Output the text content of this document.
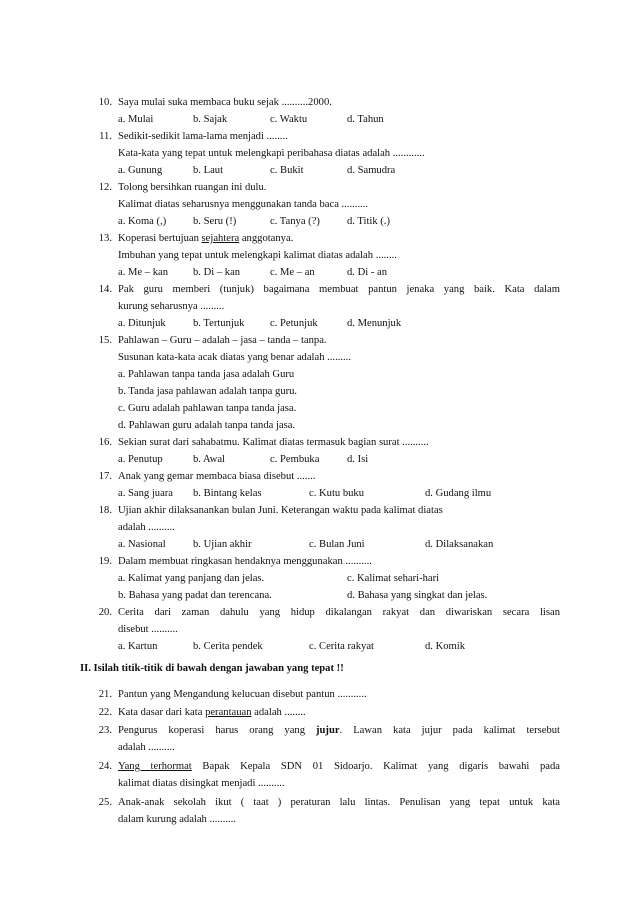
10. Saya mulai suka membaca buku sejak ..........2000.
a. Mulai	b. Sajak	c. Waktu	d. Tahun
11. Sedikit-sedikit lama-lama menjadi ........
Kata-kata yang tepat untuk melengkapi peribahasa diatas adalah ............
a. Gunung	b. Laut	c. Bukit	d. Samudra
12. Tolong bersihkan ruangan ini dulu.
Kalimat diatas seharusnya menggunakan tanda baca ..........
a. Koma (,)	b. Seru (!)	c. Tanya (?)	d. Titik (.)
13. Koperasi bertujuan sejahtera anggotanya.
Imbuhan yang tepat untuk melengkapi kalimat diatas adalah ........
a. Me – kan b. Di – kan	c. Me – an	d. Di - an
14. Pak guru memberi (tunjuk) bagaimana membuat pantun jenaka yang baik. Kata dalam
kurung seharusnya .........
a. Ditunjuk	b. Tertunjuk c. Petunjuk	d. Menunjuk
15. Pahlawan – Guru – adalah – jasa – tanda – tanpa.
Susunan kata-kata acak diatas yang benar adalah .........
a. Pahlawan tanpa tanda jasa adalah Guru
b. Tanda jasa pahlawan adalah tanpa guru.
c. Guru adalah pahlawan tanpa tanda jasa.
d. Pahlawan guru adalah tanpa tanda jasa.
16. Sekian surat dari sahabatmu. Kalimat diatas termasuk bagian surat ..........
a. Penutup	b. Awal	c. Pembuka	d. Isi
17. Anak yang gemar membaca biasa disebut .......
a. Sang juara b. Bintang kelas	c. Kutu buku	d. Gudang ilmu
18. Ujian akhir dilaksanankan bulan Juni. Keterangan waktu pada kalimat diatas
adalah ..........
a. Nasional	b. Ujian akhir	c. Bulan Juni	d. Dilaksanakan
19. Dalam membuat ringkasan hendaknya menggunakan ..........
a. Kalimat yang panjang dan jelas.	c. Kalimat sehari-hari
b. Bahasa yang padat dan terencana.	d. Bahasa yang singkat dan jelas.
20. Cerita dari zaman dahulu yang hidup dikalangan rakyat dan diwariskan secara lisan
disebut ..........
a. Kartun	b. Cerita pendek	c. Cerita rakyat	d. Komik
II. Isilah titik-titik di bawah dengan jawaban yang tepat !!
21. Pantun yang Mengandung kelucuan disebut pantun ...........
22. Kata dasar dari kata perantauan adalah ........
23. Pengurus koperasi harus orang yang jujur. Lawan kata jujur pada kalimat tersebut
adalah ..........
24. Yang terhormat Bapak Kepala SDN 01 Sidoarjo. Kalimat yang digaris bawahi pada
kalimat diatas disingkat menjadi ..........
25. Anak-anak sekolah ikut ( taat ) peraturan lalu lintas. Penulisan yang tepat untuk kata
dalam kurung adalah ..........
